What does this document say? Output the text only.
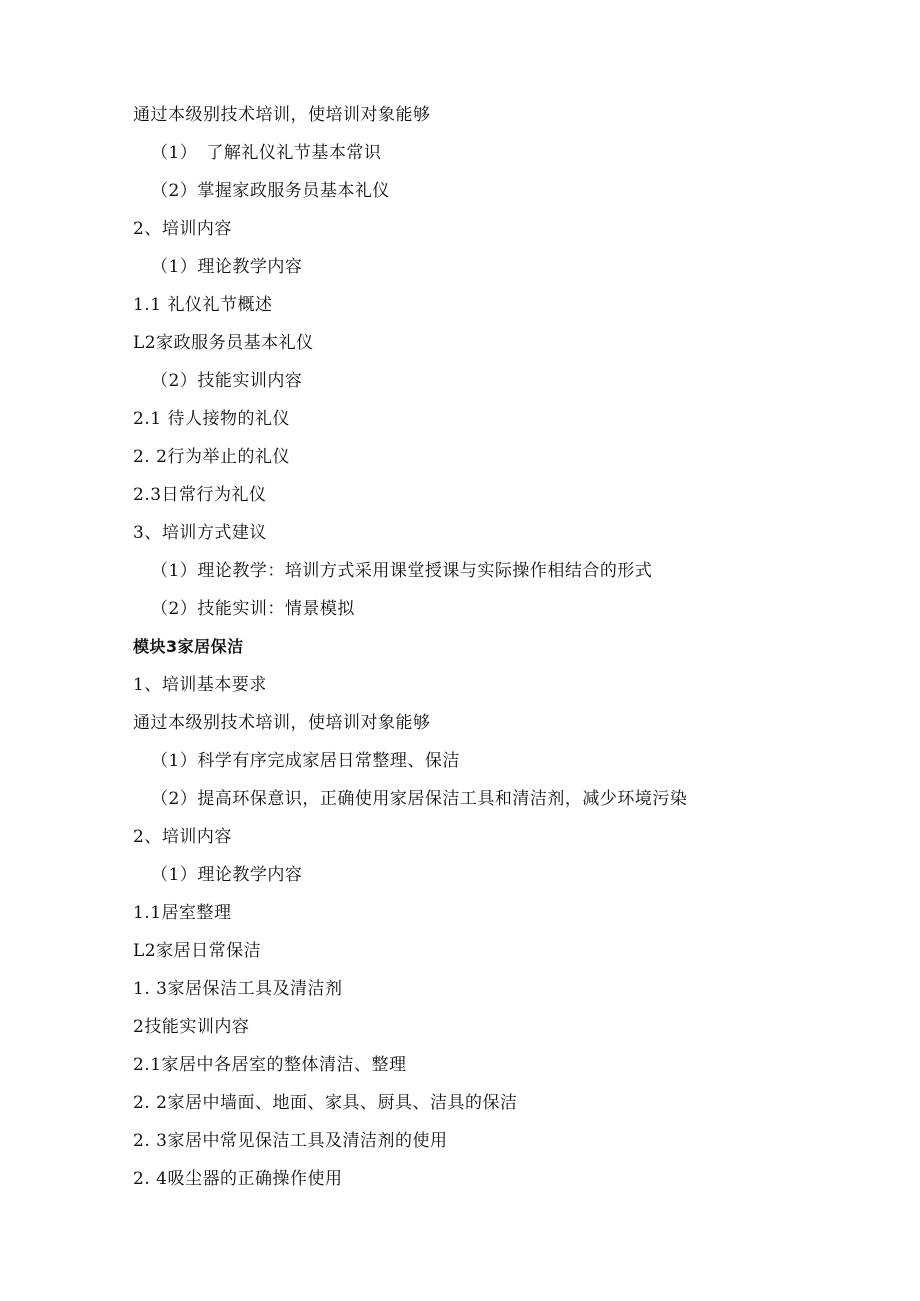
通过本级别技术培训，使培训对象能够
（1）　了解礼仪礼节基本常识
（2）掌握家政服务员基本礼仪
2、培训内容
（1）理论教学内容
1.1 礼仪礼节概述
L2家政服务员基本礼仪
（2）技能实训内容
2.1 待人接物的礼仪
2. 2行为举止的礼仪
2.3日常行为礼仪
3、培训方式建议
（1）理论教学：培训方式采用课堂授课与实际操作相结合的形式
（2）技能实训：情景模拟
模块3家居保洁
1、培训基本要求
通过本级别技术培训，使培训对象能够
（1）科学有序完成家居日常整理、保洁
（2）提高环保意识，正确使用家居保洁工具和清洁剂，减少环境污染
2、培训内容
（1）理论教学内容
1.1居室整理
L2家居日常保洁
1. 3家居保洁工具及清洁剂
2技能实训内容
2.1家居中各居室的整体清洁、整理
2. 2家居中墙面、地面、家具、厨具、洁具的保洁
2. 3家居中常见保洁工具及清洁剂的使用
2. 4吸尘器的正确操作使用
